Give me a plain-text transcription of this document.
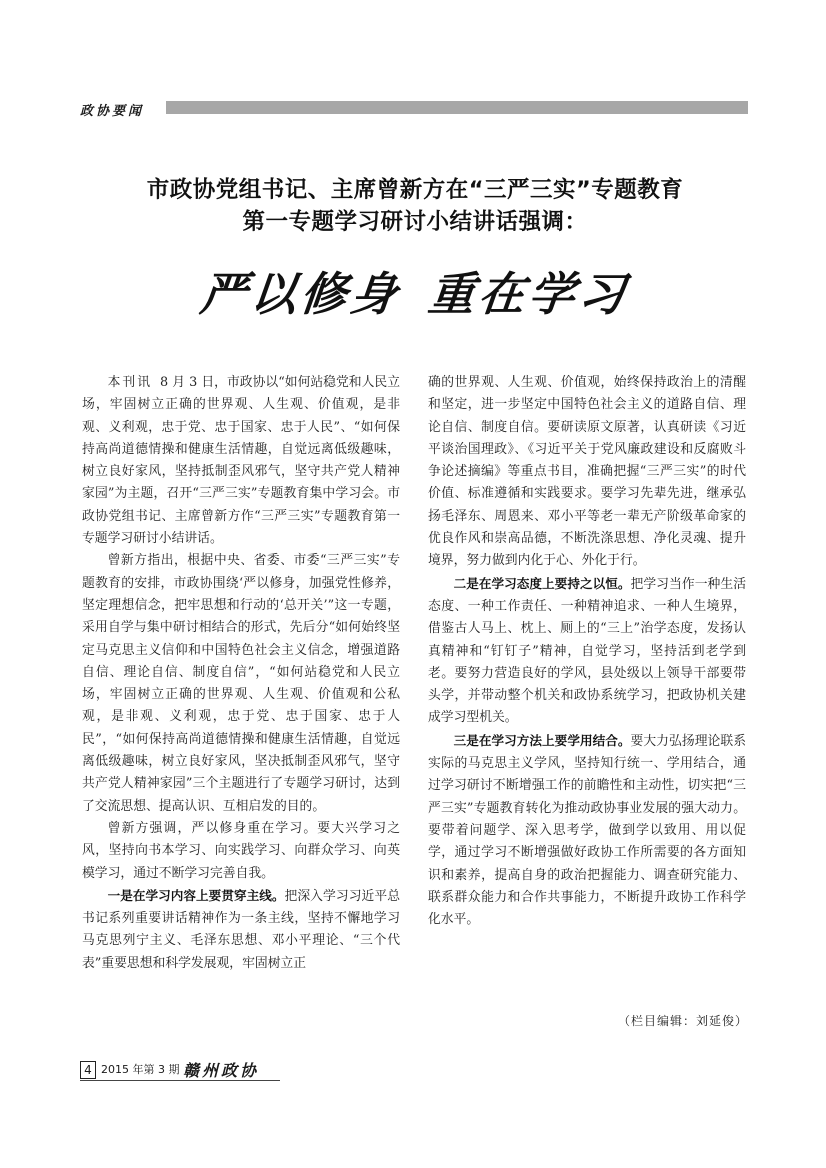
政协要闻
市政协党组书记、主席曾新方在“三严三实”专题教育
第一专题学习研讨小结讲话强调：
严以修身 重在学习

本刊讯 8 月 3 日，市政协以“如何站稳党和人民立场，牢固树立正确的世界观、人生观、价值观，是非观、义利观，忠于党、忠于国家、忠于人民”、“如何保持高尚道德情操和健康生活情趣，自觉远离低级趣味，树立良好家风，坚持抵制歪风邪气，坚守共产党人精神家园”为主题，召开“三严三实”专题教育集中学习会。市政协党组书记、主席曾新方作“三严三实”专题教育第一专题学习研讨小结讲话。

曾新方指出，根据中央、省委、市委“三严三实”专题教育的安排，市政协围绕‘严以修身，加强党性修养，坚定理想信念，把牢思想和行动的‘总开关’”这一专题，采用自学与集中研讨相结合的形式，先后分“如何始终坚定马克思主义信仰和中国特色社会主义信念，增强道路自信、理论自信、制度自信”，“如何站稳党和人民立场，牢固树立正确的世界观、人生观、价值观和公私观，是非观、义利观，忠于党、忠于国家、忠于人民”，“如何保持高尚道德情操和健康生活情趣，自觉远离低级趣味，树立良好家风，坚决抵制歪风邪气，坚守共产党人精神家园”三个主题进行了专题学习研讨，达到了交流思想、提高认识、互相启发的目的。

曾新方强调，严以修身重在学习。要大兴学习之风，坚持向书本学习、向实践学习、向群众学习、向英模学习，通过不断学习完善自我。

一是在学习内容上要贯穿主线。把深入学习习近平总书记系列重要讲话精神作为一条主线，坚持不懈地学习马克思列宁主义、毛泽东思想、邓小平理论、“三个代表”重要思想和科学发展观，牢固树立正

确的世界观、人生观、价值观，始终保持政治上的清醒和坚定，进一步坚定中国特色社会主义的道路自信、理论自信、制度自信。要研读原文原著，认真研读《习近平谈治国理政》、《习近平关于党风廉政建设和反腐败斗争论述摘编》等重点书目，准确把握“三严三实”的时代价值、标准遵循和实践要求。要学习先辈先进，继承弘扬毛泽东、周恩来、邓小平等老一辈无产阶级革命家的优良作风和崇高品德，不断洗涤思想、净化灵魂、提升境界，努力做到内化于心、外化于行。

二是在学习态度上要持之以恒。把学习当作一种生活态度、一种工作责任、一种精神追求、一种人生境界，借鉴古人马上、枕上、厕上的“三上”治学态度，发扬认真精神和“钉钉子”精神，自觉学习，坚持活到老学到老。要努力营造良好的学风，县处级以上领导干部要带头学，并带动整个机关和政协系统学习，把政协机关建成学习型机关。

三是在学习方法上要学用结合。要大力弘扬理论联系实际的马克思主义学风，坚持知行统一、学用结合，通过学习研讨不断增强工作的前瞻性和主动性，切实把“三严三实”专题教育转化为推动政协事业发展的强大动力。要带着问题学、深入思考学，做到学以致用、用以促学，通过学习不断增强做好政协工作所需要的各方面知识和素养，提高自身的政治把握能力、调查研究能力、联系群众能力和合作共事能力，不断提升政协工作科学化水平。

（栏目编辑：刘延俊）
4 2015 年第 3 期 赣州政协
